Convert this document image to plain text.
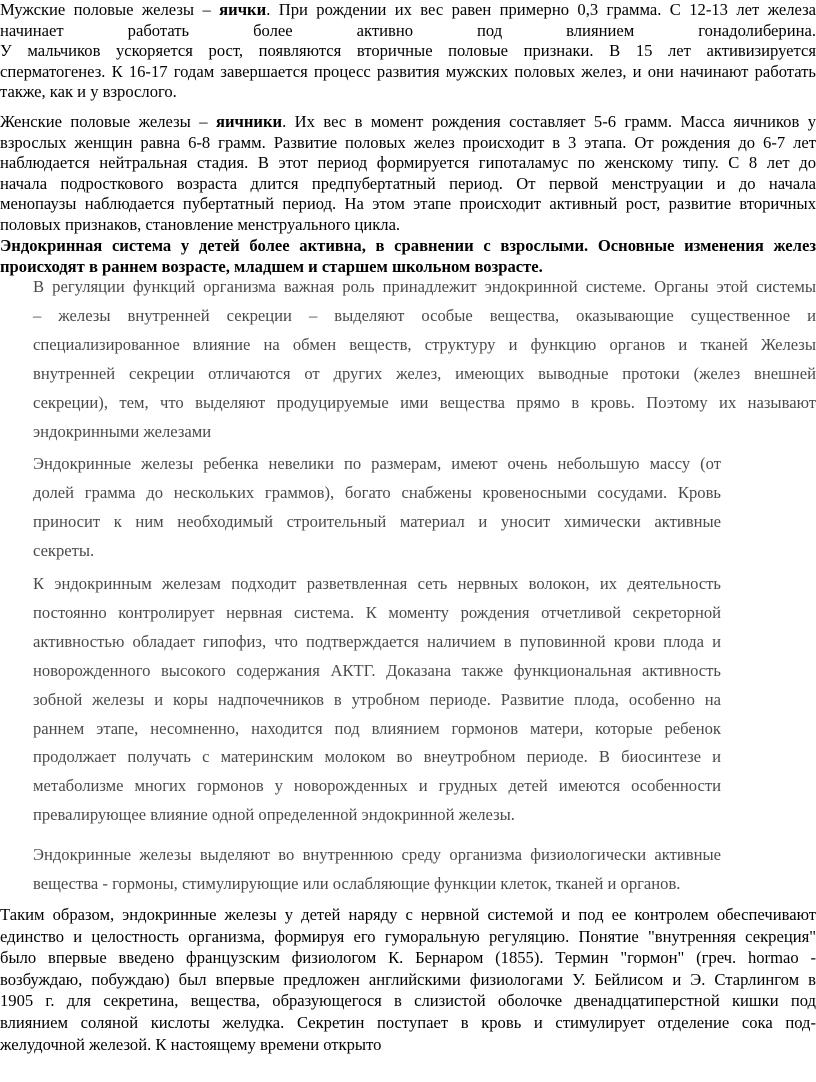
Мужские половые железы – яички. При рождении их вес равен примерно 0,3 грамма. С 12-13 лет железа
начинает работать более активно под влиянием гонадолиберина.
У мальчиков ускоряется рост, появляются вторичные половые признаки. В 15 лет активизируется
сперматогенез. К 16-17 годам завершается процесс развития мужских половых желез, и они начинают работать
также, как и у взрослого.
Женские половые железы – яичники. Их вес в момент рождения составляет 5-6 грамм. Масса яичников у
взрослых женщин равна 6-8 грамм. Развитие половых желез происходит в 3 этапа. От рождения до 6-7 лет
наблюдается нейтральная стадия. В этот период формируется гипоталамус по женскому типу. С 8 лет до
начала подросткового возраста длится предпубертатный период. От первой менструации и до начала
менопаузы наблюдается пубертатный период. На этом этапе происходит активный рост, развитие вторичных
половых признаков, становление менструального цикла.
Эндокринная система у детей более активна, в сравнении с взрослыми. Основные изменения желез
происходят в раннем возрасте, младшем и старшем школьном возрасте.
В регуляции функций организма важная роль принадлежит эндокринной системе. Органы этой системы
– железы внутренней секреции – выделяют особые вещества, оказывающие существенное и
специализированное влияние на обмен веществ, структуру и функцию органов и тканей Железы
внутренней секреции отличаются от других желез, имеющих выводные протоки (желез внешней
секреции), тем, что выделяют продуцируемые ими вещества прямо в кровь. Поэтому их называют
эндокринными железами
Эндокринные железы ребенка невелики по размерам, имеют очень небольшую массу (от
долей грамма до нескольких граммов), богато снабжены кровеносными сосудами. Кровь
приносит к ним необходимый строительный материал и уносит химически активные
секреты.
К эндокринным железам подходит разветвленная сеть нервных волокон, их деятельность
постоянно контролирует нервная система. К моменту рождения отчетливой секреторной
активностью обладает гипофиз, что подтверждается наличием в пуповинной крови плода и
новорожденного высокого содержания АКТГ. Доказана также функциональная активность
зобной железы и коры надпочечников в утробном периоде. Развитие плода, особенно на
раннем этапе, несомненно, находится под влиянием гормонов матери, которые ребенок
продолжает получать с материнским молоком во внеутробном периоде. В биосинтезе и
метаболизме многих гормонов у новорожденных и грудных детей имеются особенности
превалирующее влияние одной определенной эндокринной железы.
Эндокринные железы выделяют во внутреннюю среду организма физиологически активные
вещества - гормоны, стимулирующие или ослабляющие функции клеток, тканей и органов.
Таким образом, эндокринные железы у детей наряду с нервной системой и под ее контролем обеспечивают
единство и целостность организма, формируя его гуморальную регуляцию. Понятие "внутренняя секреция"
было впервые введено французским физиологом К. Бернаром (1855). Термин "гормон" (греч. hormao -
возбуждаю, побуждаю) был впервые предложен английскими физиологами У. Бейлисом и Э. Старлингом в
1905 г. для секретина, вещества, образующегося в слизистой оболочке двенадцатиперстной кишки под
влиянием соляной кислоты желудка. Секретин поступает в кровь и стимулирует отделение сока под-
желудочной железой. К настоящему времени открыто
